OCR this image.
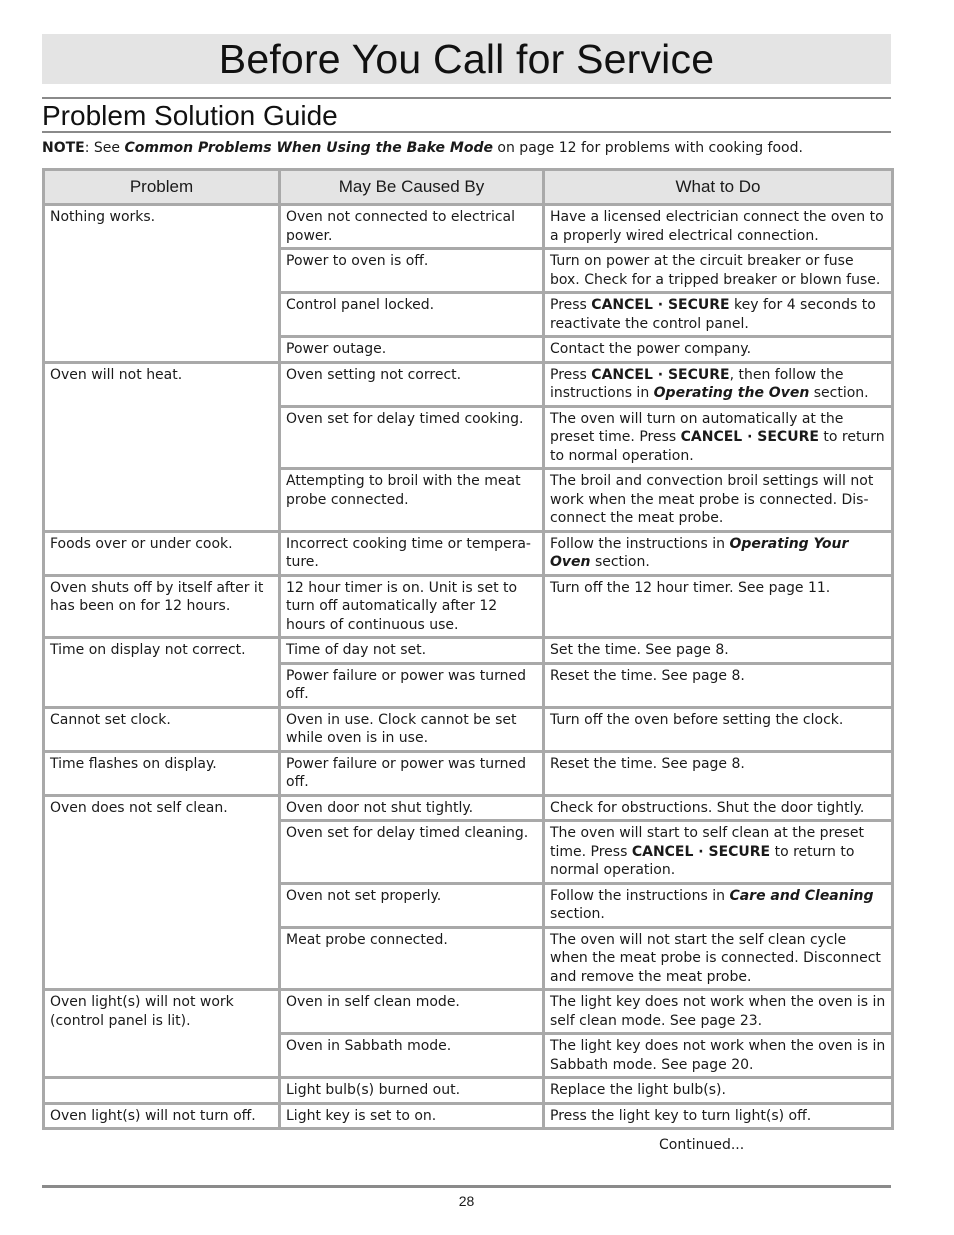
Before You Call for Service
Problem Solution Guide

NOTE: See Common Problems When Using the Bake Mode on page 12 for problems with cooking food.

Problem	May Be Caused By	What to Do
Nothing works.	Oven not connected to electrical power.	Have a licensed electrician connect the oven to a properly wired electrical connection.
	Power to oven is off.	Turn on power at the circuit breaker or fuse box. Check for a tripped breaker or blown fuse.
	Control panel locked.	Press CANCEL · SECURE key for 4 seconds to reactivate the control panel.
	Power outage.	Contact the power company.
Oven will not heat.	Oven setting not correct.	Press CANCEL · SECURE, then follow the instructions in Operating the Oven section.
	Oven set for delay timed cooking.	The oven will turn on automatically at the preset time. Press CANCEL · SECURE to return to normal operation.
	Attempting to broil with the meat probe connected.	The broil and convection broil settings will not work when the meat probe is connected. Dis-connect the meat probe.
Foods over or under cook.	Incorrect cooking time or tempera-ture.	Follow the instructions in Operating Your Oven section.
Oven shuts off by itself after it has been on for 12 hours.	12 hour timer is on. Unit is set to turn off automatically after 12 hours of continuous use.	Turn off the 12 hour timer. See page 11.
Time on display not correct.	Time of day not set.	Set the time. See page 8.
	Power failure or power was turned off.	Reset the time. See page 8.
Cannot set clock.	Oven in use. Clock cannot be set while oven is in use.	Turn off the oven before setting the clock.
Time flashes on display.	Power failure or power was turned off.	Reset the time. See page 8.
Oven does not self clean.	Oven door not shut tightly.	Check for obstructions. Shut the door tightly.
	Oven set for delay timed cleaning.	The oven will start to self clean at the preset time. Press CANCEL · SECURE to return to normal operation.
	Oven not set properly.	Follow the instructions in Care and Cleaning section.
	Meat probe connected.	The oven will not start the self clean cycle when the meat probe is connected. Disconnect and remove the meat probe.
Oven light(s) will not work (control panel is lit).	Oven in self clean mode.	The light key does not work when the oven is in self clean mode. See page 23.
	Oven in Sabbath mode.	The light key does not work when the oven is in Sabbath mode. See page 20.
	Light bulb(s) burned out.	Replace the light bulb(s).
Oven light(s) will not turn off.	Light key is set to on.	Press the light key to turn light(s) off.

Continued...

28
